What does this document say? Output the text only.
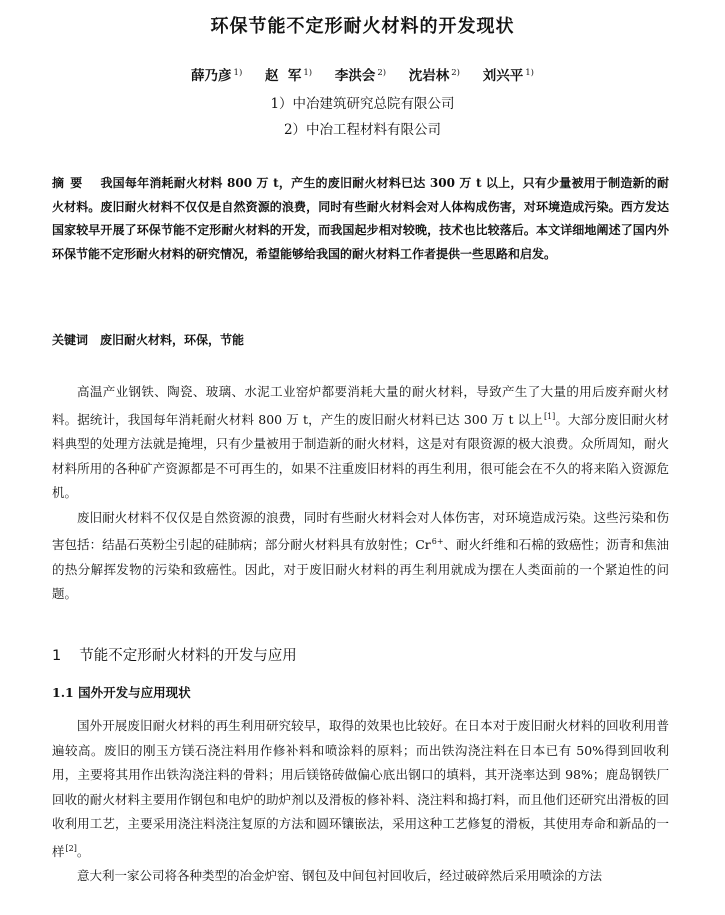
环保节能不定形耐火材料的开发现状
薛乃彦 $^{1)}$ 赵  军 $^{1)}$ 李洪会 $^{2)}$ 沈岩林 $^{2)}$ 刘兴平 $^{1)}$
1）中冶建筑研究总院有限公司
2）中冶工程材料有限公司
摘要 我国每年消耗耐火材料 800 万 t，产生的废旧耐火材料已达 300 万 t 以上，只有少量被用于制造新的耐火材料。废旧耐火材料不仅仅是自然资源的浪费，同时有些耐火材料会对人体构成伤害，对环境造成污染。西方发达国家较早开展了环保节能不定形耐火材料的开发，而我国起步相对较晚，技术也比较落后。本文详细地阐述了国内外环保节能不定形耐火材料的研究情况，希望能够给我国的耐火材料工作者提供一些思路和启发。
关键词 废旧耐火材料，环保，节能

高温产业钢铁、陶瓷、玻璃、水泥工业窑炉都要消耗大量的耐火材料，导致产生了大量的用后废弃耐火材料。据统计，我国每年消耗耐火材料 800 万 t，产生的废旧耐火材料已达 300 万 t 以上[1]。大部分废旧耐火材料典型的处理方法就是掩埋，只有少量被用于制造新的耐火材料，这是对有限资源的极大浪费。众所周知，耐火材料所用的各种矿产资源都是不可再生的，如果不注重废旧材料的再生利用，很可能会在不久的将来陷入资源危机。

废旧耐火材料不仅仅是自然资源的浪费，同时有些耐火材料会对人体伤害，对环境造成污染。这些污染和伤害包括：结晶石英粉尘引起的硅肺病；部分耐火材料具有放射性；Cr$^{6+}$、耐火纤维和石棉的致癌性；沥青和焦油的热分解挥发物的污染和致癌性。因此，对于废旧耐火材料的再生利用就成为摆在人类面前的一个紧迫性的问题。

1 节能不定形耐火材料的开发与应用
1.1 国外开发与应用现状

国外开展废旧耐火材料的再生利用研究较早，取得的效果也比较好。在日本对于废旧耐火材料的回收利用普遍较高。废旧的刚玉方镁石浇注料用作修补料和喷涂料的原料；而出铁沟浇注料在日本已有 50%得到回收利用，主要将其用作出铁沟浇注料的骨料；用后镁铬砖做偏心底出钢口的填料，其开浇率达到 98%；鹿岛钢铁厂回收的耐火材料主要用作钢包和电炉的助炉剂以及滑板的修补料、浇注料和捣打料，而且他们还研究出滑板的回收利用工艺，主要采用浇注料浇注复原的方法和圆环镶嵌法，采用这种工艺修复的滑板，其使用寿命和新品的一样[2]。

意大利一家公司将各种类型的冶金炉窑、钢包及中间包衬回收后，经过破碎然后采用喷涂的方法
